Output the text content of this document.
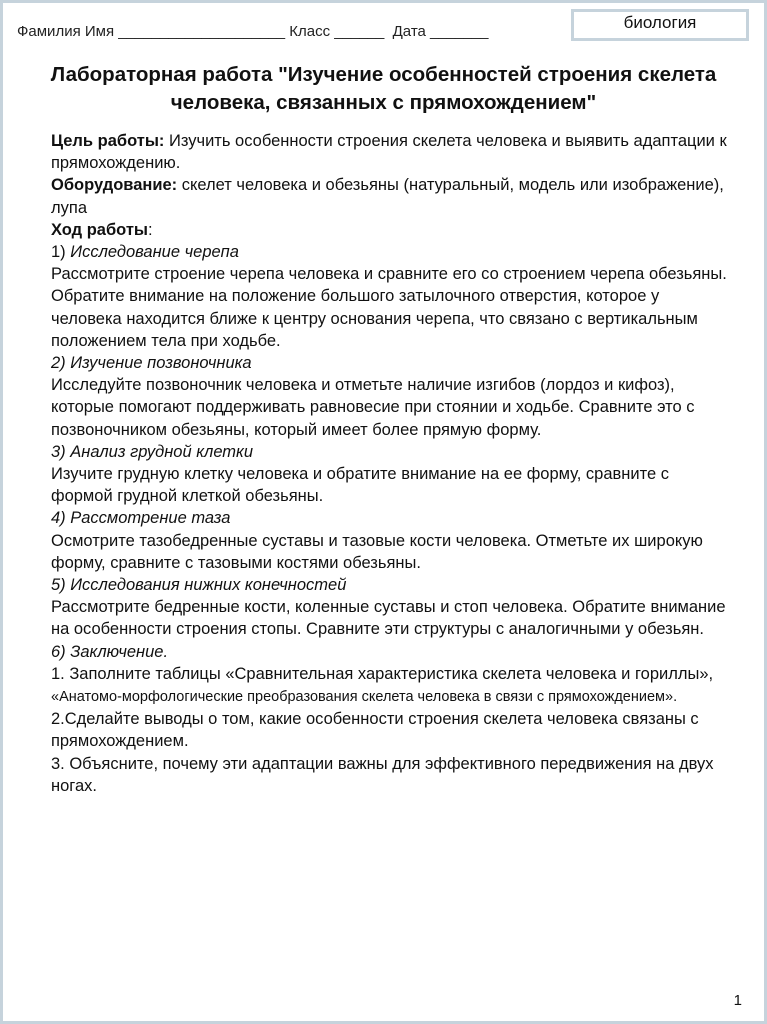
Фамилия Имя ____________________ Класс ______  Дата _______	биология
Лабораторная работа "Изучение особенностей строения скелета человека, связанных с прямохождением"

Цель работы: Изучить особенности строения скелета человека и выявить адаптации к прямохождению.

Оборудование: скелет человека и обезьяны (натуральный, модель или изображение), лупа

Ход работы:

1) Исследование черепа

Рассмотрите строение черепа человека и сравните его со строением черепа обезьяны. Обратите внимание на положение большого затылочного отверстия, которое у человека находится ближе к центру основания черепа, что связано с вертикальным положением тела при ходьбе.

2) Изучение позвоночника

Исследуйте позвоночник человека и отметьте наличие изгибов (лордоз и кифоз), которые помогают поддерживать равновесие при стоянии и ходьбе. Сравните это с позвоночником обезьяны, который имеет более прямую форму.

3) Анализ грудной клетки

Изучите грудную клетку человека и обратите внимание на ее форму, сравните с формой грудной клеткой обезьяны.

4) Рассмотрение таза

Осмотрите тазобедренные суставы и тазовые кости человека. Отметьте их широкую форму, сравните с тазовыми костями обезьяны.

5) Исследования нижних конечностей

Рассмотрите бедренные кости, коленные суставы и стоп человека. Обратите внимание на особенности строения стопы. Сравните эти структуры с аналогичными у обезьян.

6) Заключение.

1. Заполните таблицы «Сравнительная характеристика скелета человека и гориллы», «Анатомо-морфологические преобразования скелета человека в связи с прямохождением».

2.Сделайте выводы о том, какие особенности строения скелета человека связаны с прямохождением.

3. Объясните, почему эти адаптации важны для эффективного передвижения на двух ногах.

1
